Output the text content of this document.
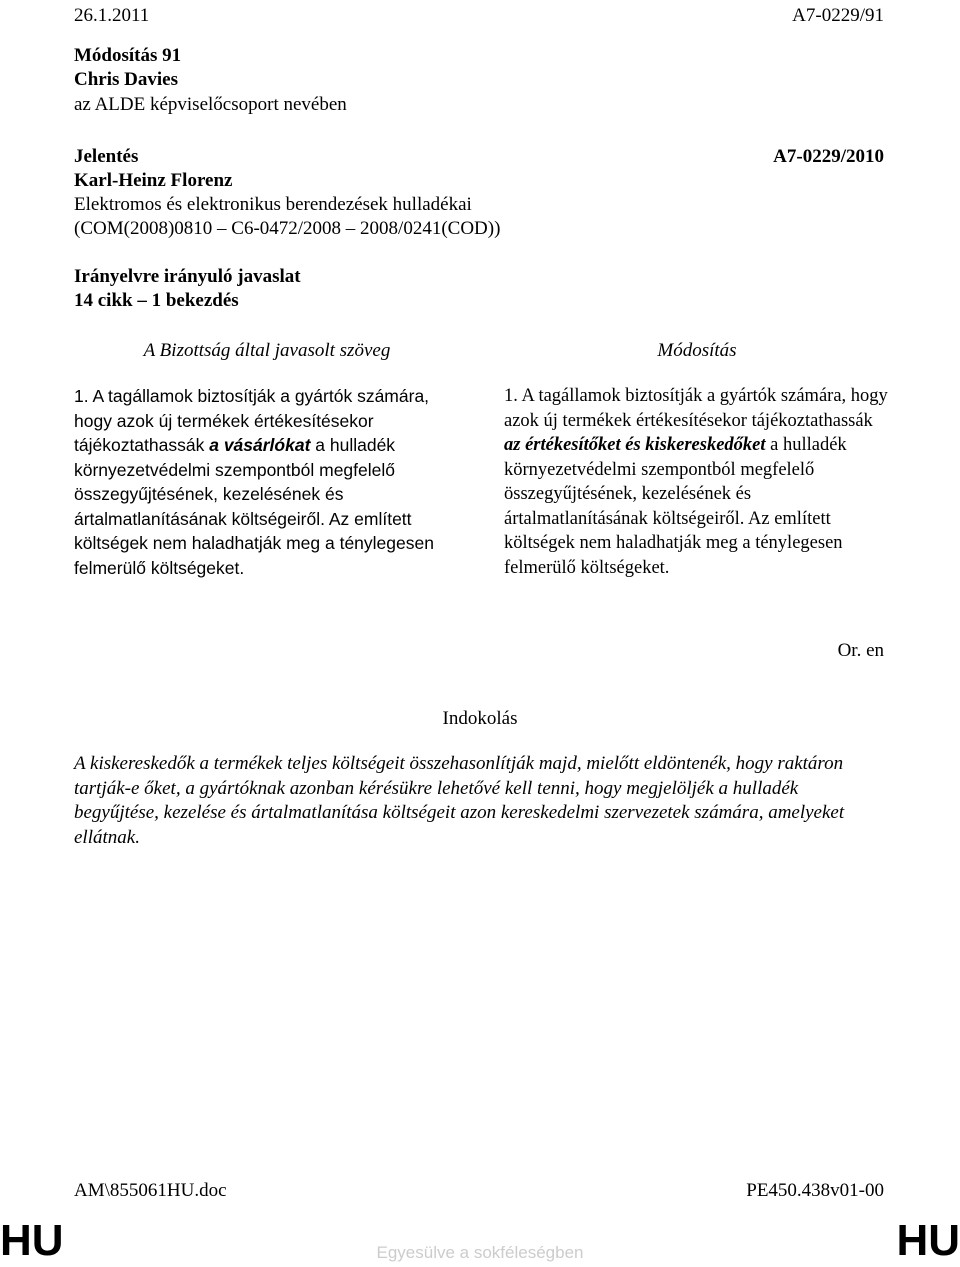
26.1.2011	A7-0229/91
Módosítás 91
Chris Davies
az ALDE képviselőcsoport nevében
Jelentés	A7-0229/2010
Karl-Heinz Florenz
Elektromos és elektronikus berendezések hulladékai
(COM(2008)0810 – C6-0472/2008 – 2008/0241(COD))
Irányelvre irányuló javaslat
14 cikk – 1 bekezdés
A Bizottság által javasolt szöveg	Módosítás
1. A tagállamok biztosítják a gyártók számára, hogy azok új termékek értékesítésekor tájékoztathassák a vásárlókat a hulladék környezetvédelmi szempontból megfelelő összegyűjtésének, kezelésének és ártalmatlanításának költségeiről. Az említett költségek nem haladhatják meg a ténylegesen felmerülő költségeket.
1. A tagállamok biztosítják a gyártók számára, hogy azok új termékek értékesítésekor tájékoztathassák az értékesítőket és kiskereskedőket a hulladék környezetvédelmi szempontból megfelelő összegyűjtésének, kezelésének és ártalmatlanításának költségeiről. Az említett költségek nem haladhatják meg a ténylegesen felmerülő költségeket.
Or. en
Indokolás
A kiskereskedők a termékek teljes költségeit összehasonlítják majd, mielőtt eldöntenék, hogy raktáron tartják-e őket, a gyártóknak azonban kérésükre lehetővé kell tenni, hogy megjelöljék a hulladék begyűjtése, kezelése és ártalmatlanítása költségeit azon kereskedelmi szervezetek számára, amelyeket ellátnak.
AM\855061HU.doc	PE450.438v01-00
HU	HU
Egyesülve a sokféleségben
